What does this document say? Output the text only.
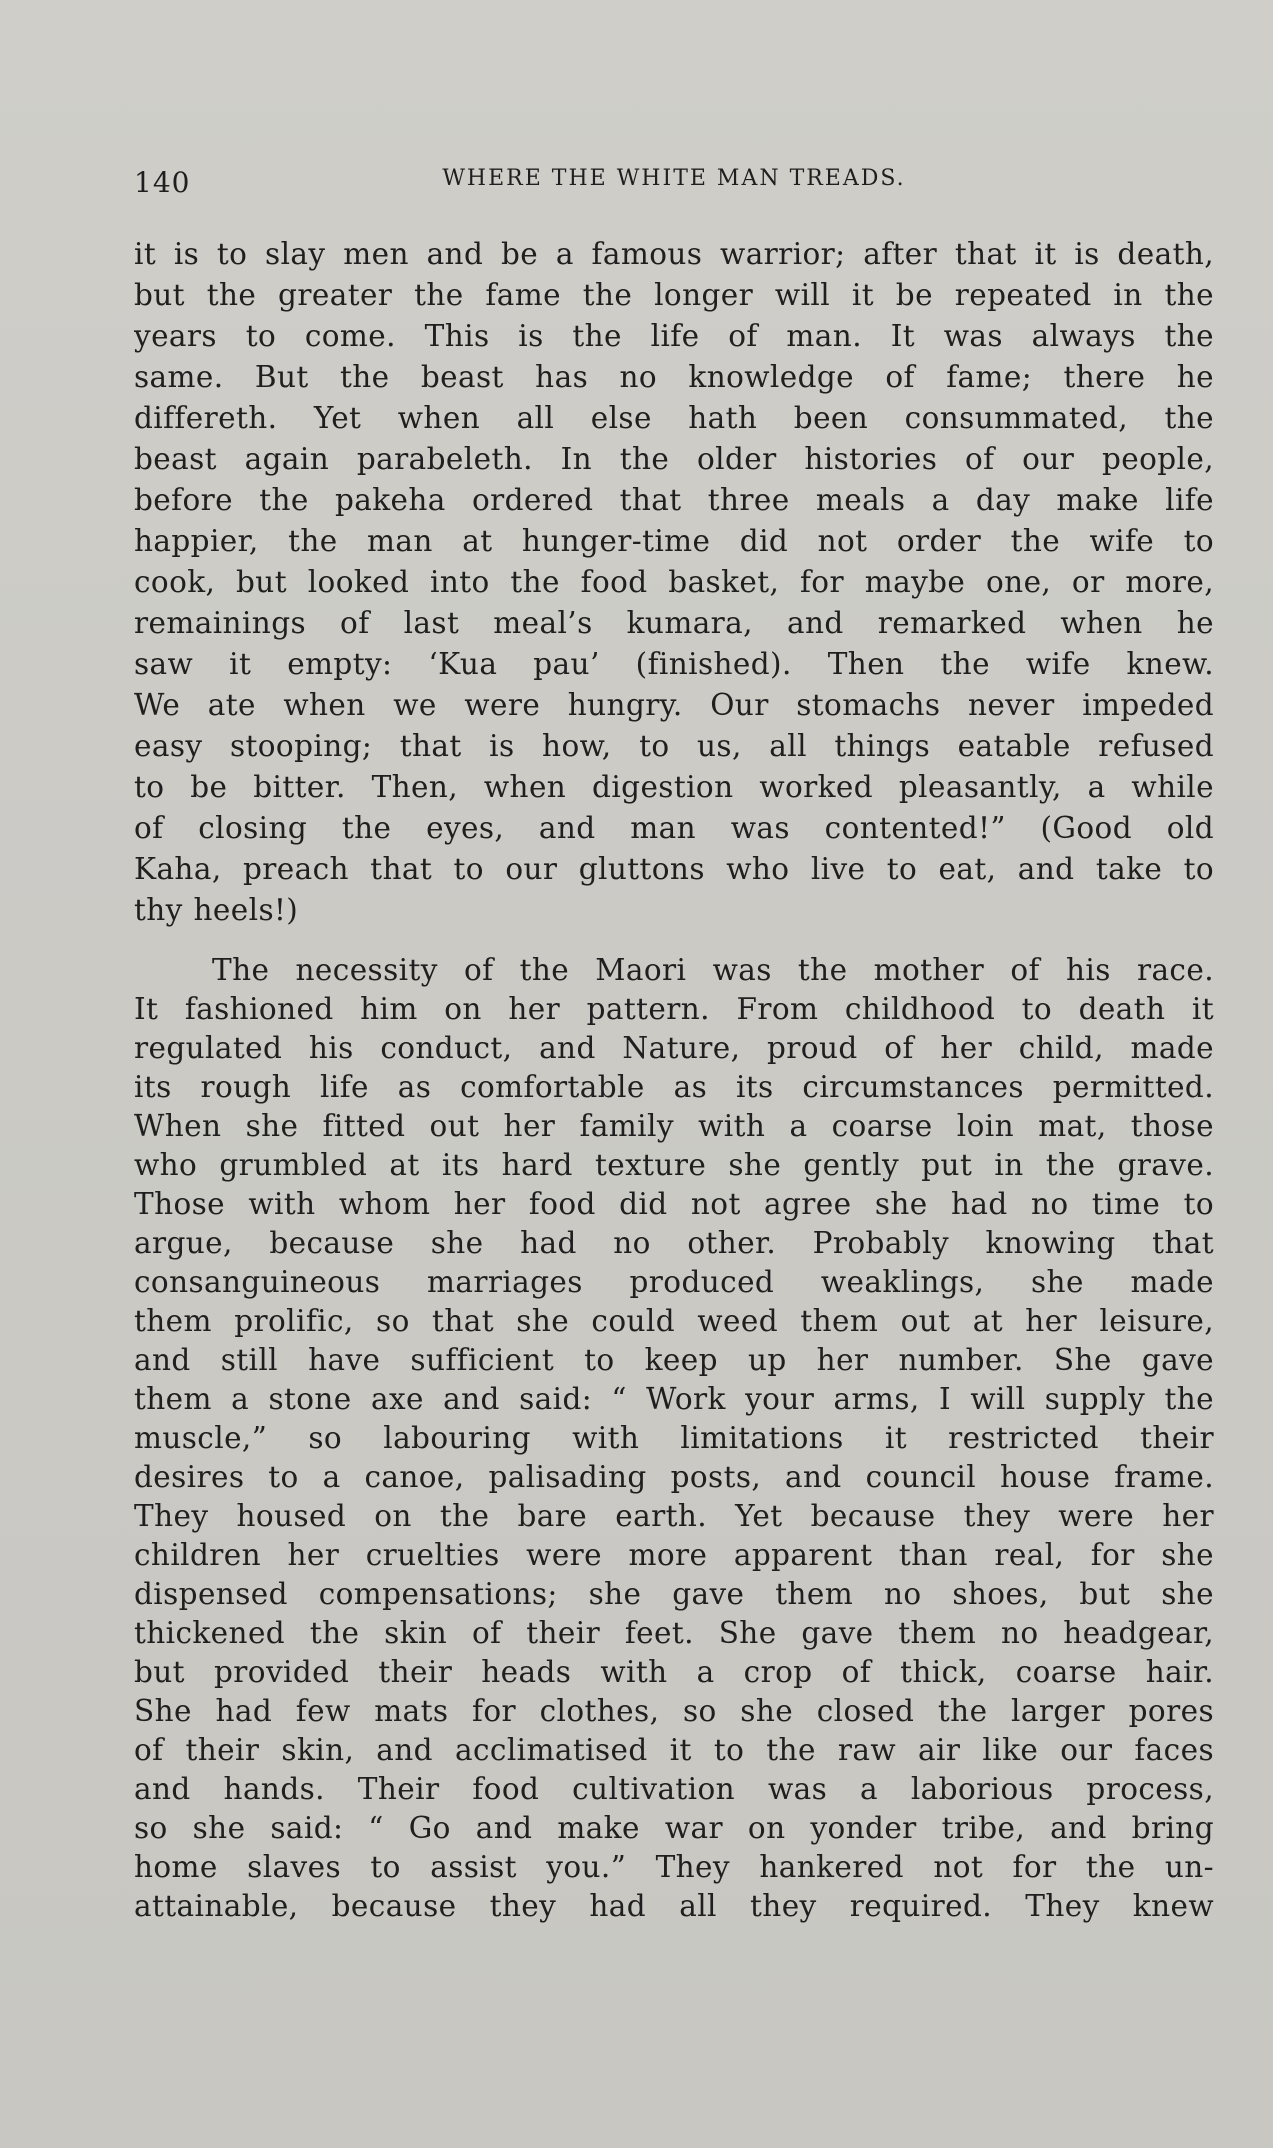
140	WHERE THE WHITE MAN TREADS.
it is to slay men and be a famous warrior; after that it is death,
but the greater the fame the longer will it be repeated in the
years to come. This is the life of man. It was always the
same. But the beast has no knowledge of fame; there he
differeth. Yet when all else hath been consummated, the
beast again parabeleth. In the older histories of our people,
before the pakeha ordered that three meals a day make life
happier, the man at hunger-time did not order the wife to
cook, but looked into the food basket, for maybe one, or more,
remainings of last meal’s kumara, and remarked when he
saw it empty: ‘Kua pau’ (finished). Then the wife knew.
We ate when we were hungry. Our stomachs never impeded
easy stooping; that is how, to us, all things eatable refused
to be bitter. Then, when digestion worked pleasantly, a while
of closing the eyes, and man was contented!” (Good old
Kaha, preach that to our gluttons who live to eat, and take to
thy heels!)
The necessity of the Maori was the mother of his race.
It fashioned him on her pattern. From childhood to death it
regulated his conduct, and Nature, proud of her child, made
its rough life as comfortable as its circumstances permitted.
When she fitted out her family with a coarse loin mat, those
who grumbled at its hard texture she gently put in the grave.
Those with whom her food did not agree she had no time to
argue, because she had no other. Probably knowing that
consanguineous marriages produced weaklings, she made
them prolific, so that she could weed them out at her leisure,
and still have sufficient to keep up her number. She gave
them a stone axe and said: “ Work your arms, I will supply the
muscle,” so labouring with limitations it restricted their
desires to a canoe, palisading posts, and council house frame.
They housed on the bare earth. Yet because they were her
children her cruelties were more apparent than real, for she
dispensed compensations; she gave them no shoes, but she
thickened the skin of their feet. She gave them no headgear,
but provided their heads with a crop of thick, coarse hair.
She had few mats for clothes, so she closed the larger pores
of their skin, and acclimatised it to the raw air like our faces
and hands. Their food cultivation was a laborious process,
so she said: “ Go and make war on yonder tribe, and bring
home slaves to assist you.” They hankered not for the un-
attainable, because they had all they required. They knew
